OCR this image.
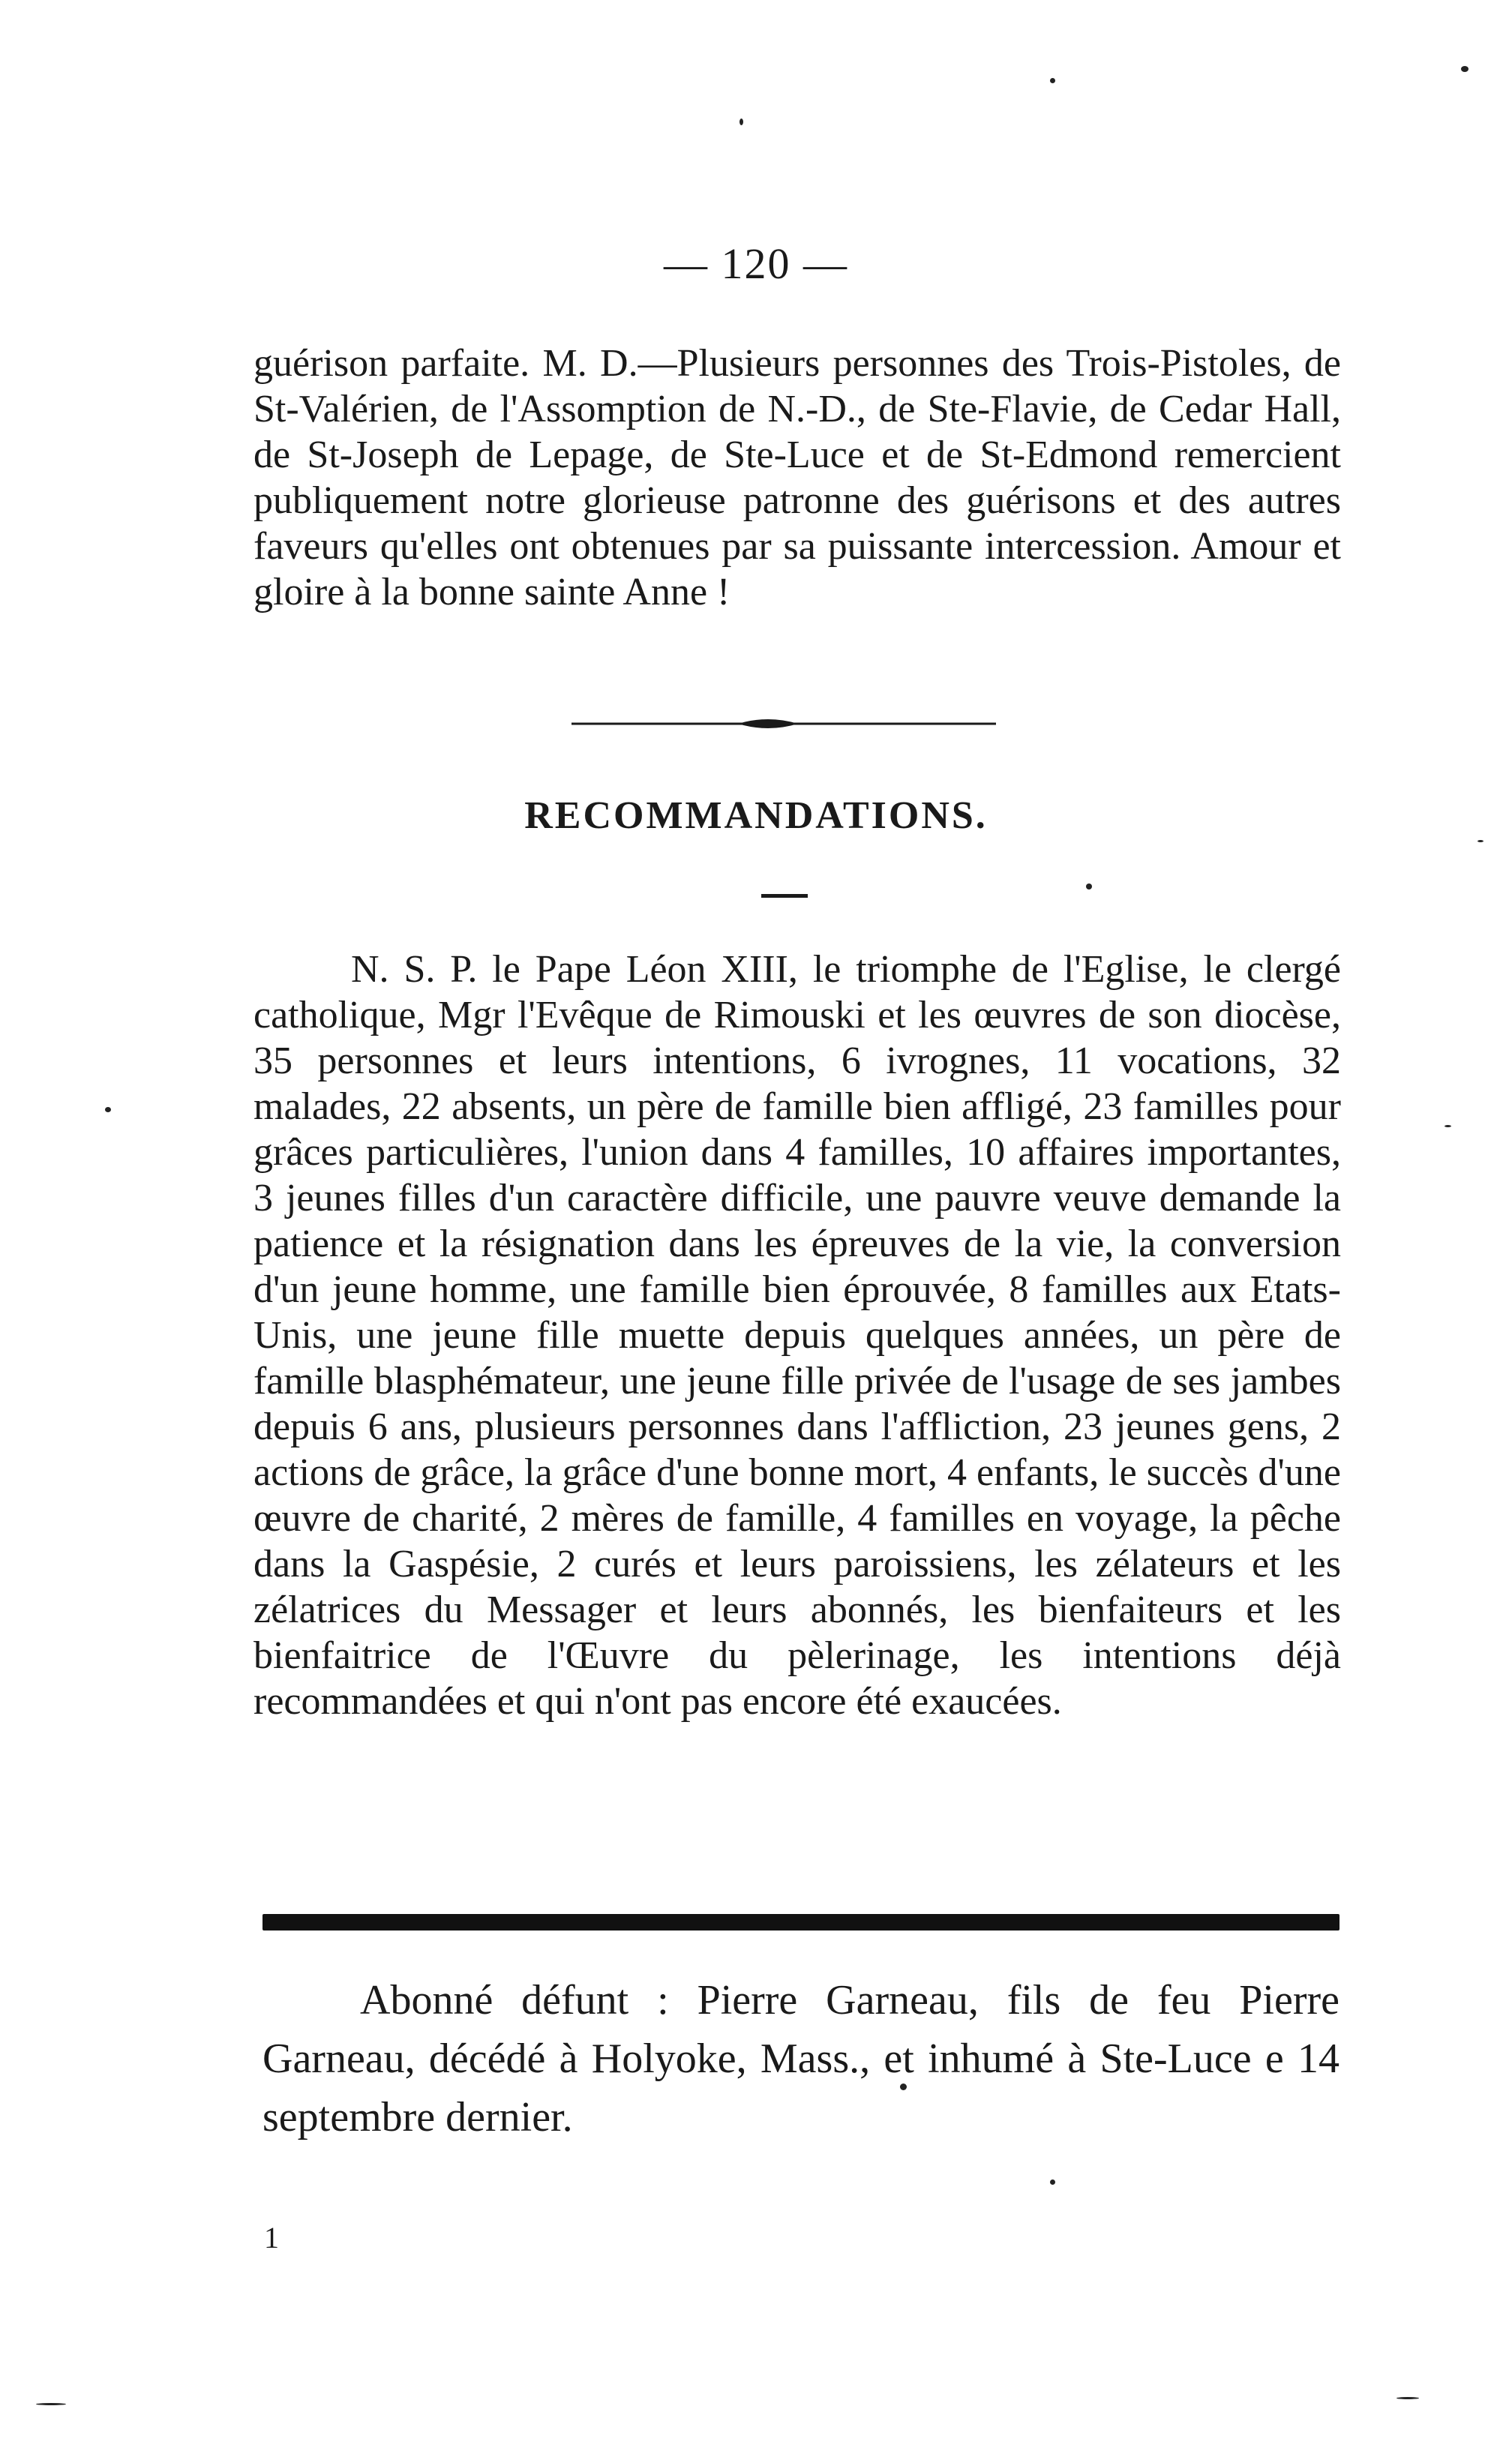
— 120 —

guérison parfaite. M. D.—Plusieurs personnes des Trois-Pistoles, de St-Valérien, de l'Assomption de N.-D., de Ste-Flavie, de Cedar Hall, de St-Joseph de Lepage, de Ste-Luce et de St-Edmond remercient publiquement notre glorieuse patronne des guérisons et des autres faveurs qu'elles ont obtenues par sa puissante intercession. Amour et gloire à la bonne sainte Anne !

RECOMMANDATIONS.

N. S. P. le Pape Léon XIII, le triomphe de l'Eglise, le clergé catholique, Mgr l'Evêque de Rimouski et les œuvres de son diocèse, 35 personnes et leurs intentions, 6 ivrognes, 11 vocations, 32 malades, 22 absents, un père de famille bien affligé, 23 familles pour grâces particulières, l'union dans 4 familles, 10 affaires importantes, 3 jeunes filles d'un caractère difficile, une pauvre veuve demande la patience et la résignation dans les épreuves de la vie, la conversion d'un jeune homme, une famille bien éprouvée, 8 familles aux Etats-Unis, une jeune fille muette depuis quelques années, un père de famille blasphémateur, une jeune fille privée de l'usage de ses jambes depuis 6 ans, plusieurs personnes dans l'affliction, 23 jeunes gens, 2 actions de grâce, la grâce d'une bonne mort, 4 enfants, le succès d'une œuvre de charité, 2 mères de famille, 4 familles en voyage, la pêche dans la Gaspésie, 2 curés et leurs paroissiens, les zélateurs et les zélatrices du Messager et leurs abonnés, les bienfaiteurs et les bienfaitrice de l'Œuvre du pèlerinage, les intentions déjà recommandées et qui n'ont pas encore été exaucées.

Abonné défunt : Pierre Garneau, fils de feu Pierre Garneau, décédé à Holyoke, Mass., et inhumé à Ste-Luce e 14 septembre dernier.

1
